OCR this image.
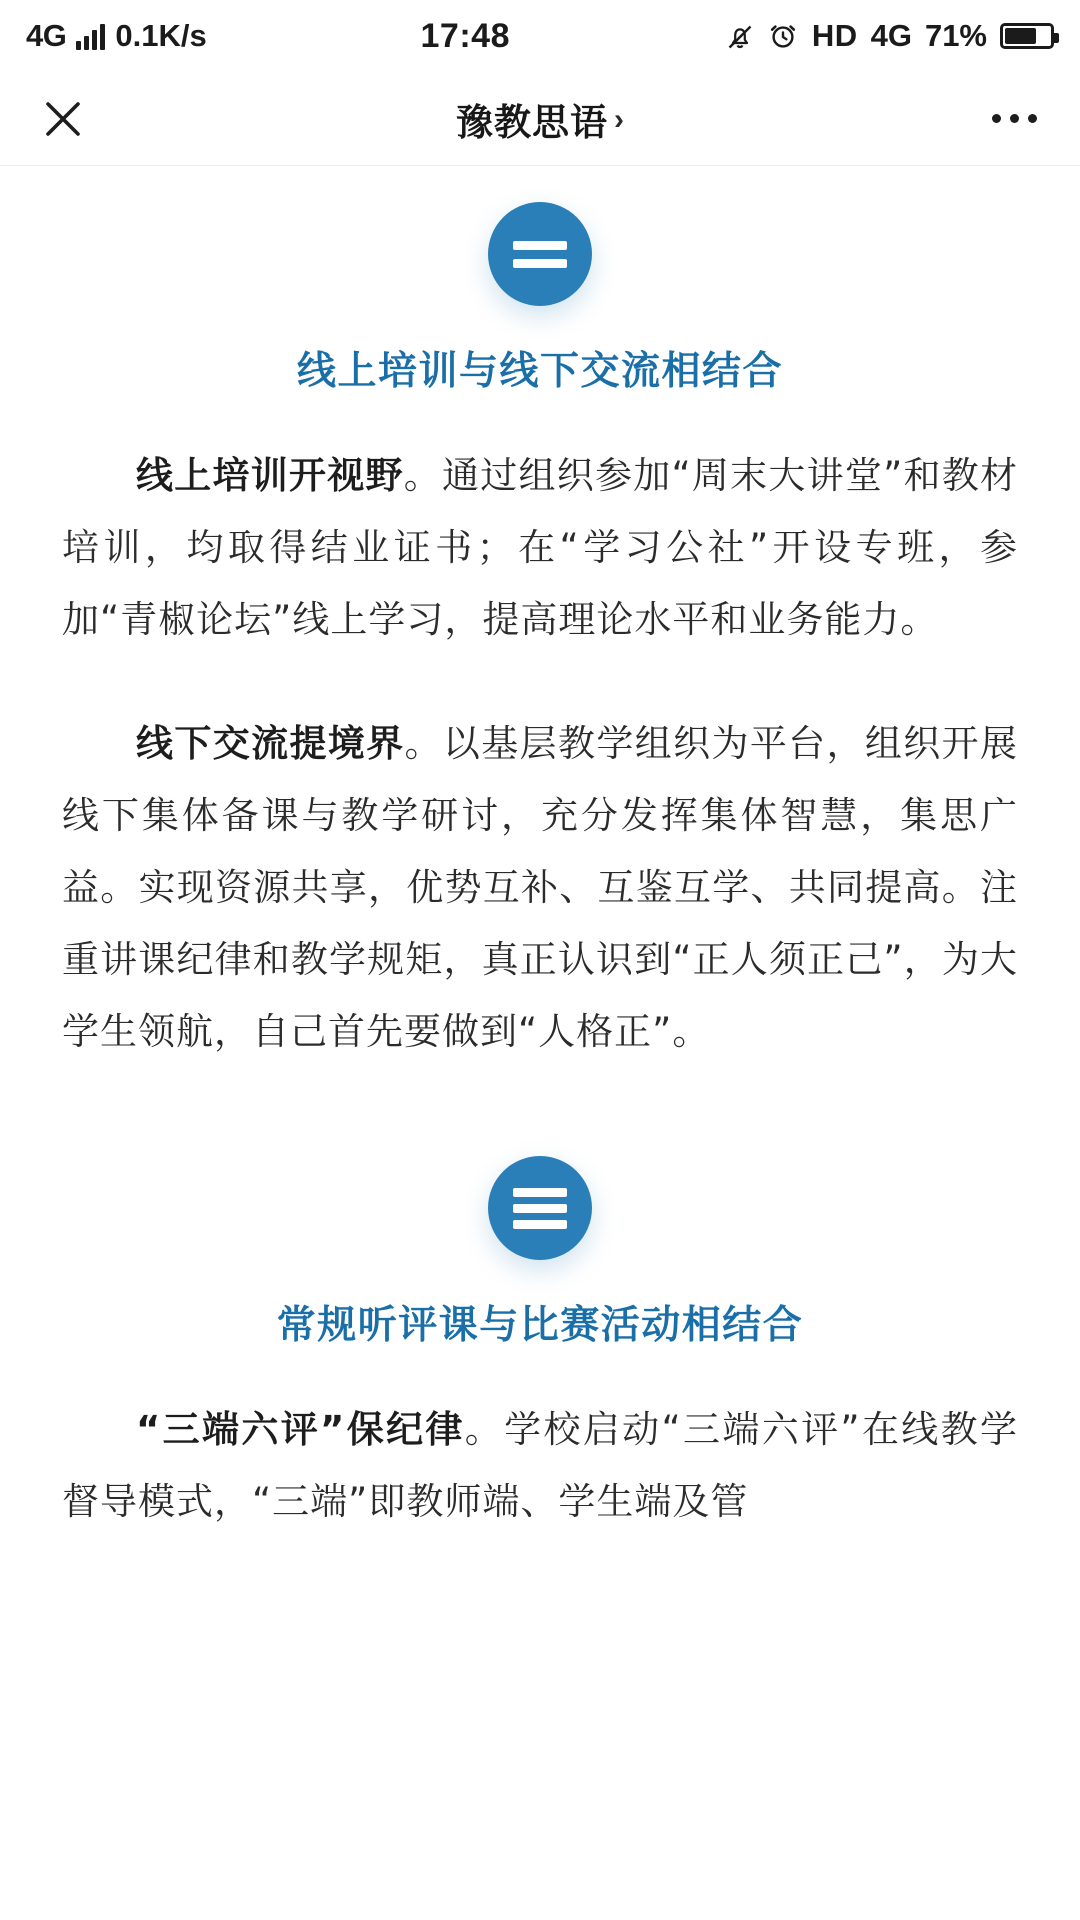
4G 0.1K/s	17:48	HD 4G 71%
豫教思语 ›
线上培训与线下交流相结合

线上培训开视野。通过组织参加“周末大讲堂”和教材培训，均取得结业证书；在“学习公社”开设专班，参加“青椒论坛”线上学习，提高理论水平和业务能力。

线下交流提境界。以基层教学组织为平台，组织开展线下集体备课与教学研讨，充分发挥集体智慧，集思广益。实现资源共享，优势互补、互鉴互学、共同提高。注重讲课纪律和教学规矩，真正认识到“正人须正己”，为大学生领航，自己首先要做到“人格正”。

常规听评课与比赛活动相结合

“三端六评”保纪律。学校启动“三端六评”在线教学督导模式，“三端”即教师端、学生端及管
